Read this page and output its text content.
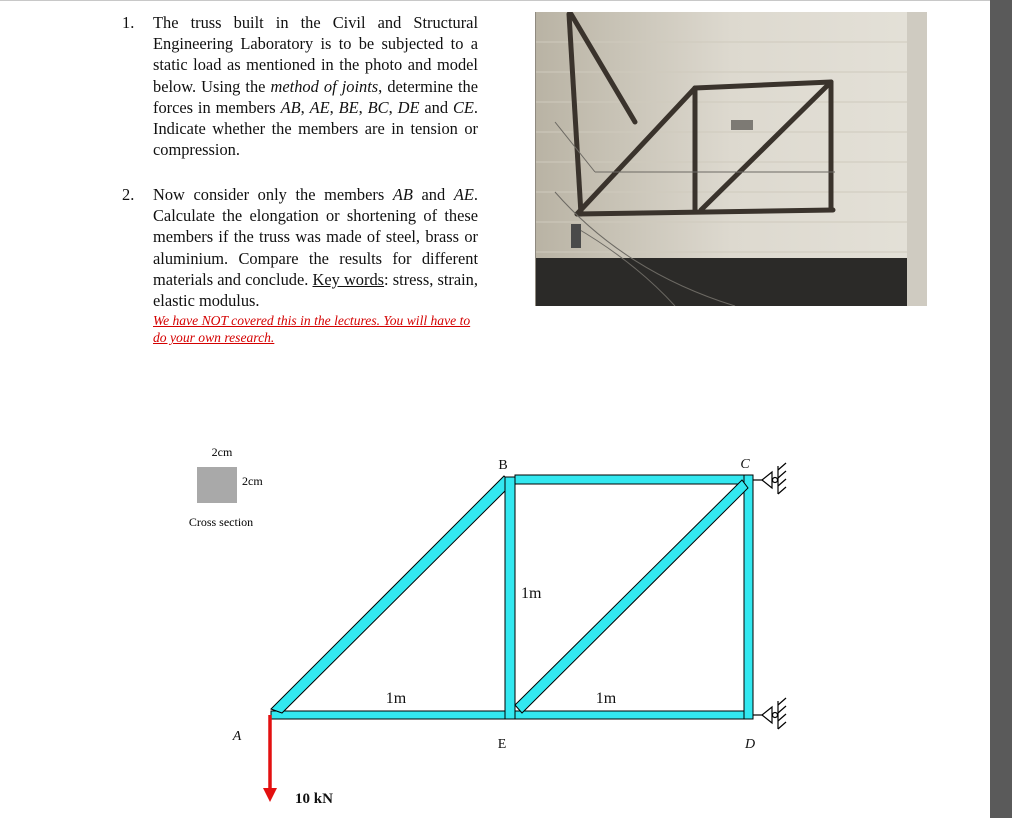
1. The truss built in the Civil and Structural Engineering Laboratory is to be subjected to a static load as mentioned in the photo and model below. Using the method of joints, determine the forces in members AB, AE, BE, BC, DE and CE. Indicate whether the members are in tension or compression.
2. Now consider only the members AB and AE. Calculate the elongation or shortening of these members if the truss was made of steel, brass or aluminium. Compare the results for different materials and conclude. Key words: stress, strain, elastic modulus.
We have NOT covered this in the lectures. You will have to do your own research.
2cm
2cm
Cross section
A
B	C
D
E
1m
1m	1m
10 kN
